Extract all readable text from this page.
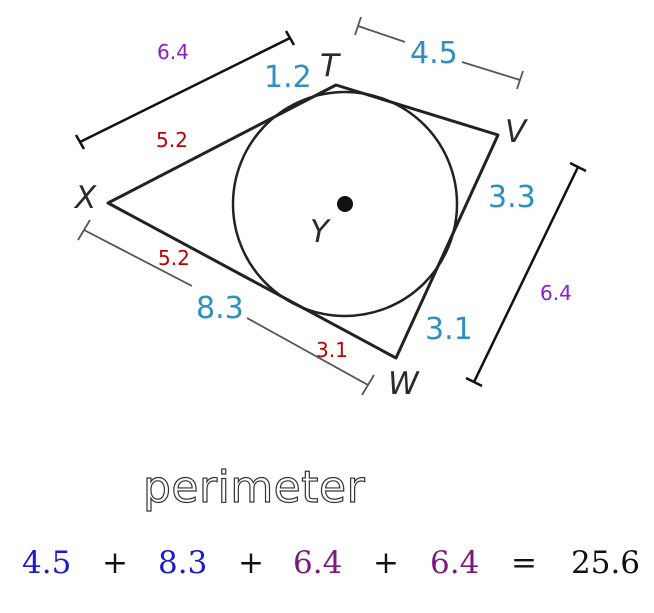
T
V
W
X
Y
1.2
4.5
3.3
3.1
8.3
5.2
5.2
3.1
6.4
6.4
perimeter
4.5 + 8.3 + 6.4 + 6.4 = 25.6
